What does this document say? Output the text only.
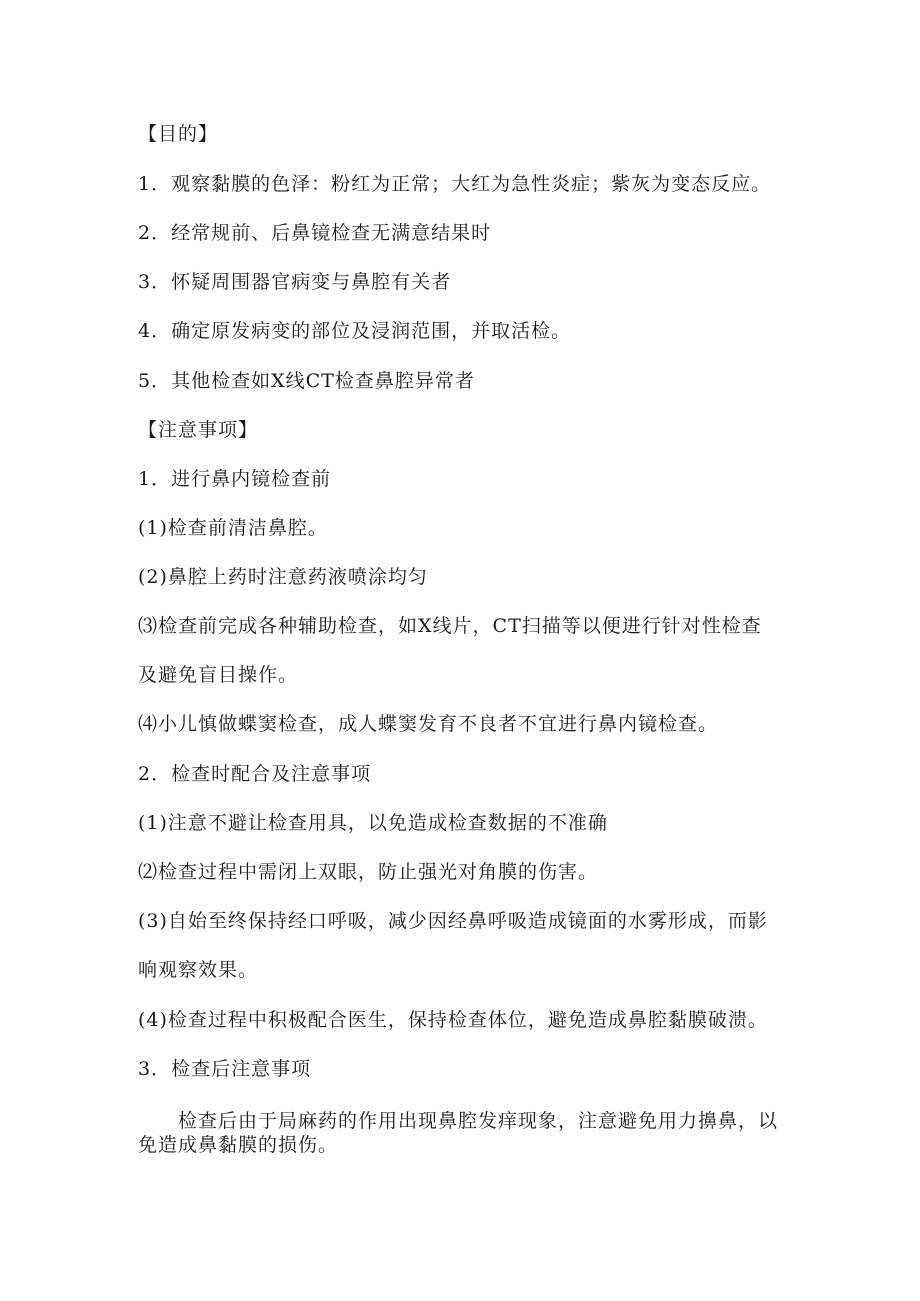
【目的】
1．观察黏膜的色泽：粉红为正常；大红为急性炎症；紫灰为变态反应。
2．经常规前、后鼻镜检查无满意结果时
3．怀疑周围器官病变与鼻腔有关者
4．确定原发病变的部位及浸润范围，并取活检。
5．其他检查如X线CT检查鼻腔异常者
【注意事项】
1．进行鼻内镜检查前
(1)检查前清洁鼻腔。
(2)鼻腔上药时注意药液喷涂均匀
⑶检查前完成各种辅助检查，如X线片，CT扫描等以便进行针对性检查
及避免盲目操作。
⑷小儿慎做蝶窦检查，成人蝶窦发育不良者不宜进行鼻内镜检查。
2．检查时配合及注意事项
(1)注意不避让检查用具，以免造成检查数据的不准确
⑵检查过程中需闭上双眼，防止强光对角膜的伤害。
(3)自始至终保持经口呼吸，减少因经鼻呼吸造成镜面的水雾形成，而影
响观察效果。
(4)检查过程中积极配合医生，保持检查体位，避免造成鼻腔黏膜破溃。
3．检查后注意事项
　　检查后由于局麻药的作用出现鼻腔发痒现象，注意避免用力擤鼻，以免造成鼻黏膜的损伤。
